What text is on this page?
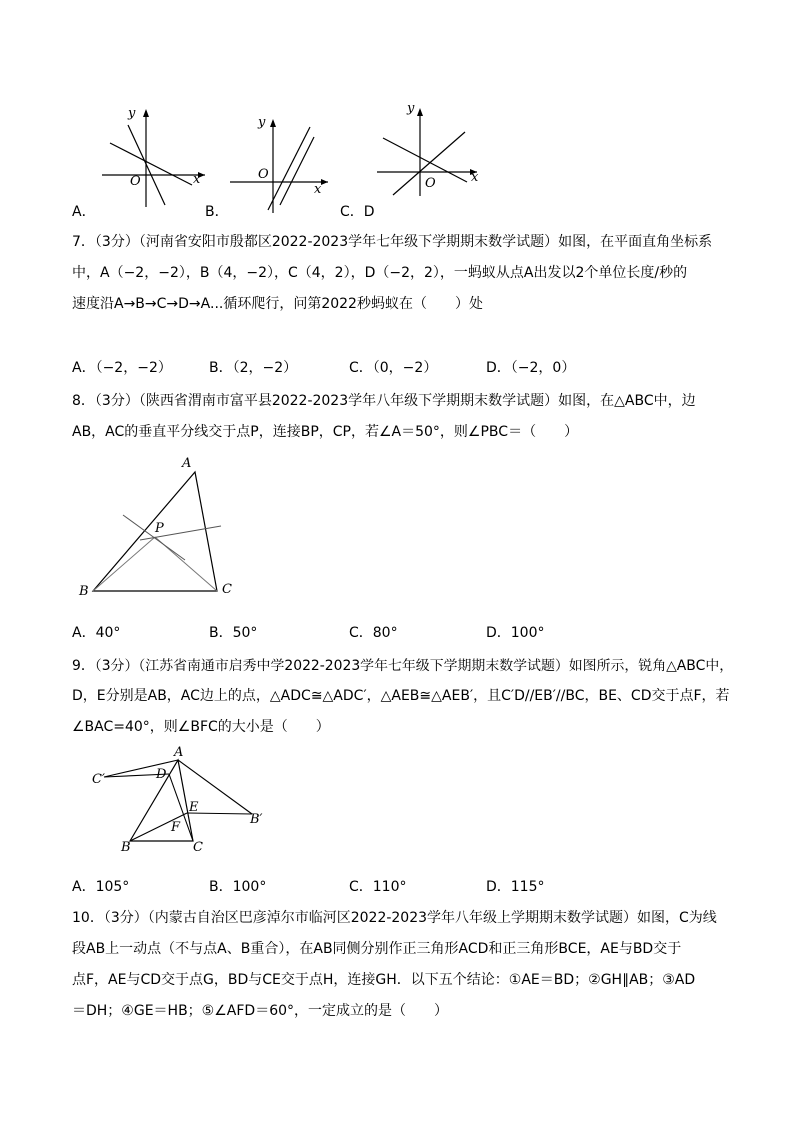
y
x
O
y
x
O
y
x
O
A．	B．	C．D
7．（3分）（河南省安阳市殷都区2022-2023学年七年级下学期期末数学试题）如图，在平面直角坐标系
中，A（−2，−2），B（4，−2），C（4，2），D（−2，2），一蚂蚁从点A出发以2个单位长度/秒的
速度沿A→B→C→D→A...循环爬行，问第2022秒蚂蚁在（　　）处
A．（−2，−2）	B．（2，−2）	C．（0，−2）	D．（−2，0）
8．（3分）（陕西省渭南市富平县2022-2023学年八年级下学期期末数学试题）如图，在△ABC中，边
AB，AC的垂直平分线交于点P，连接BP，CP，若∠A＝50°，则∠PBC＝（　　）
A
B	C
P
A．40°	B．50°	C．80°	D．100°
9．（3分）（江苏省南通市启秀中学2022-2023学年七年级下学期期末数学试题）如图所示，锐角△ABC中，
D，E分别是AB，AC边上的点，△ADC≅△ADC′，△AEB≅△AEB′，且C′D//EB′//BC，BE、CD交于点F，若
∠BAC=40°，则∠BFC的大小是（　　）
A
C′	D
E
F
B′
B	C
A．105°	B．100°	C．110°	D．115°
10．（3分）（内蒙古自治区巴彦淖尔市临河区2022-2023学年八年级上学期期末数学试题）如图，C为线
段AB上一动点（不与点A、B重合），在AB同侧分别作正三角形ACD和正三角形BCE，AE与BD交于
点F，AE与CD交于点G，BD与CE交于点H，连接GH．以下五个结论：①AE＝BD；②GH∥AB；③AD
＝DH；④GE＝HB；⑤∠AFD＝60°，一定成立的是（　　）
